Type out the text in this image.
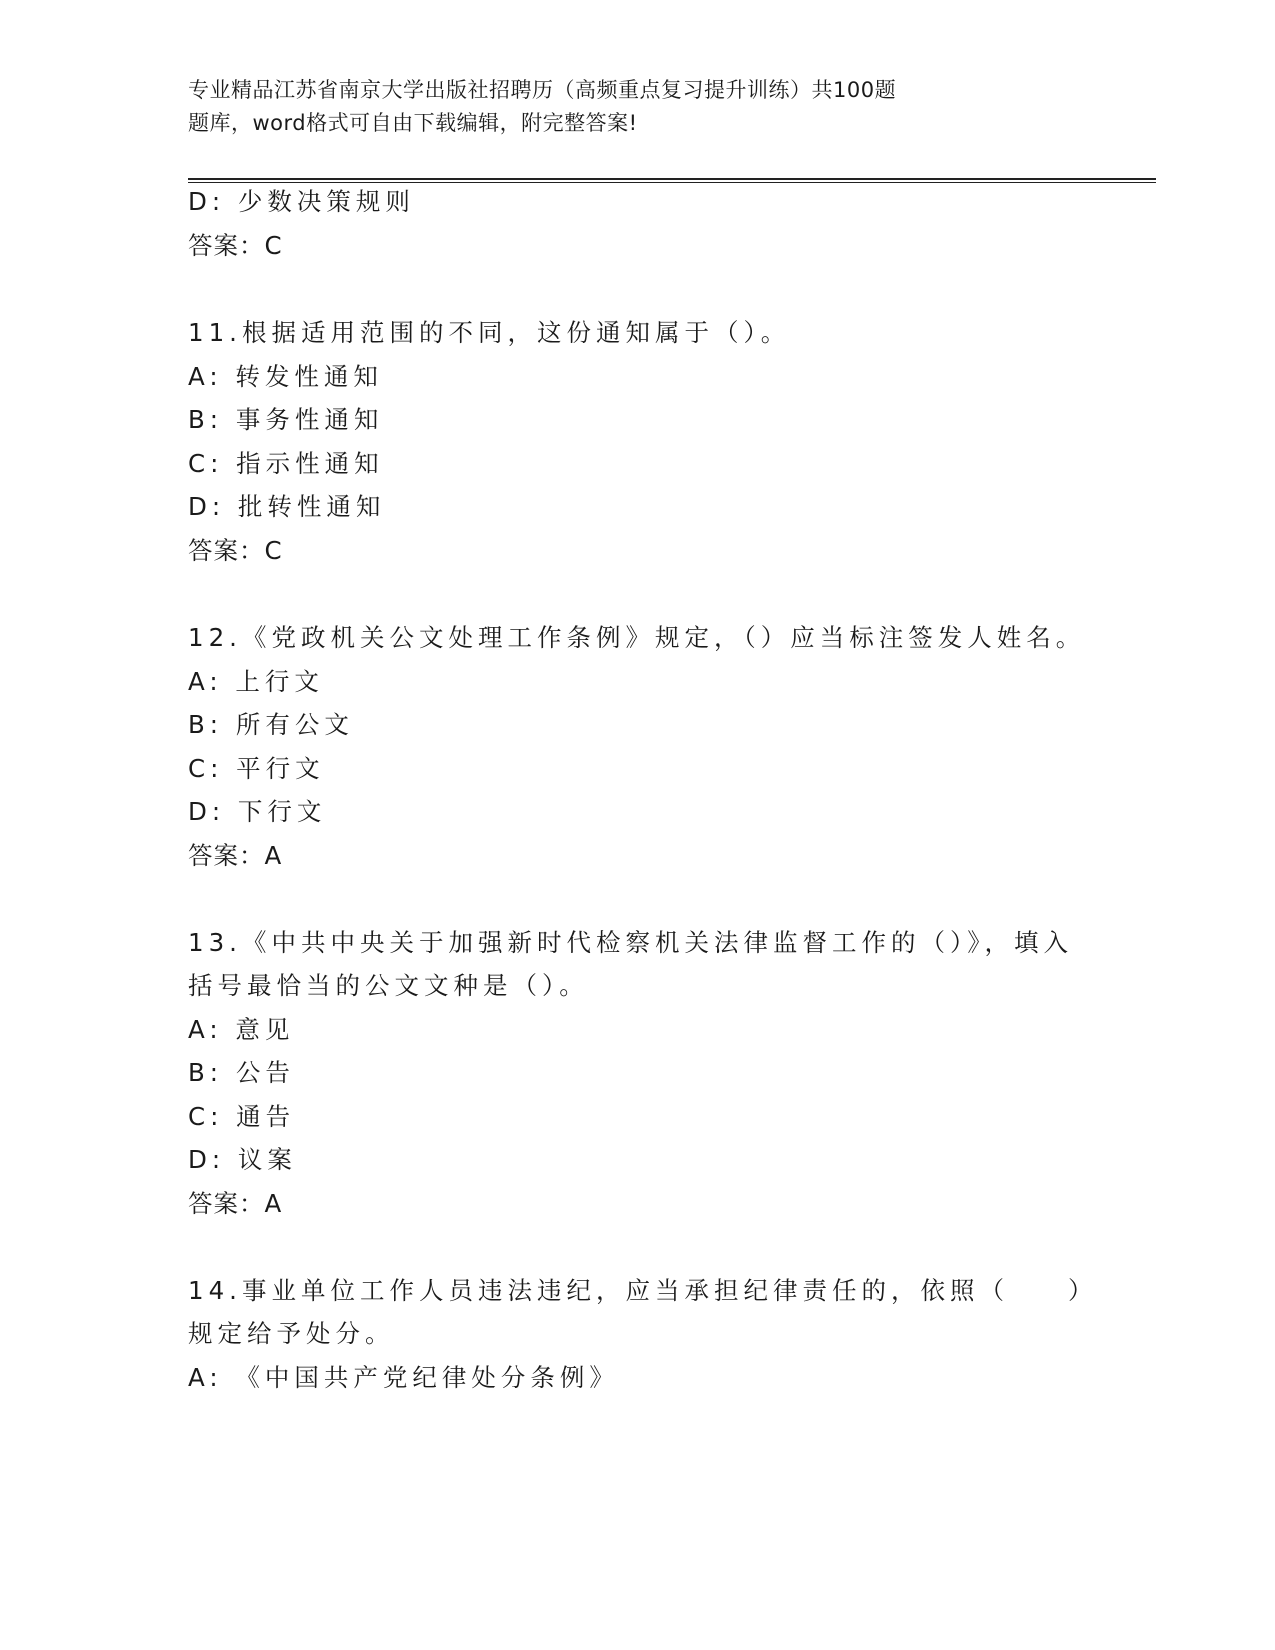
专业精品江苏省南京大学出版社招聘历（高频重点复习提升训练）共100题
题库，word格式可自由下载编辑，附完整答案!
D: 少数决策规则
答案：C
11.根据适用范围的不同，这份通知属于（）。
A: 转发性通知
B: 事务性通知
C: 指示性通知
D: 批转性通知
答案：C
12.《党政机关公文处理工作条例》规定，（）应当标注签发人姓名。
A: 上行文
B: 所有公文
C: 平行文
D: 下行文
答案：A
13.《中共中央关于加强新时代检察机关法律监督工作的（）》，填入
括号最恰当的公文文种是（）。
A: 意见
B: 公告
C: 通告
D: 议案
答案：A
14.事业单位工作人员违法违纪，应当承担纪律责任的，依照（　　）
规定给予处分。
A: 《中国共产党纪律处分条例》
